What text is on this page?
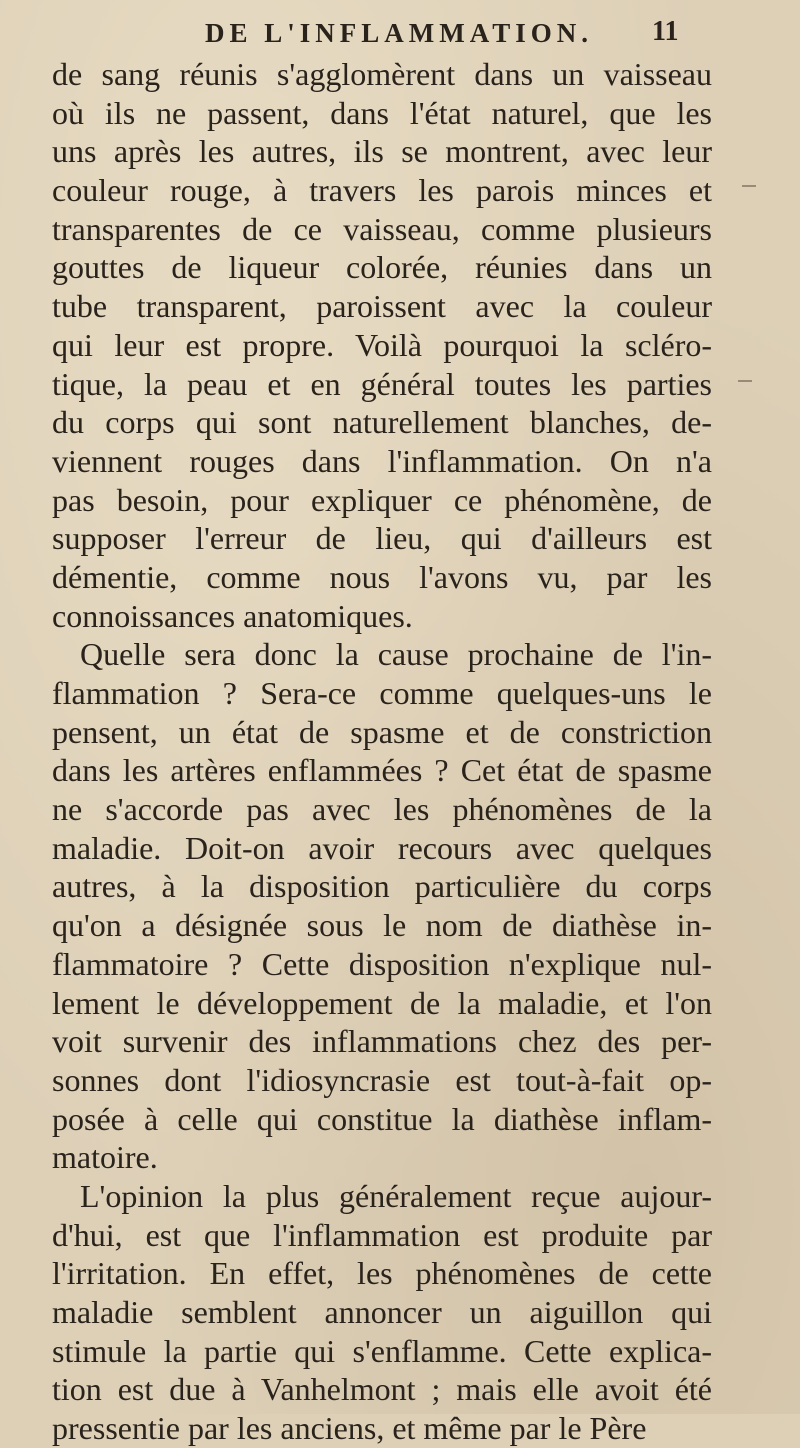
DE L'INFLAMMATION.	11
de sang réunis s'agglomèrent dans un vaisseau
où ils ne passent, dans l'état naturel, que les
uns après les autres, ils se montrent, avec leur
couleur rouge, à travers les parois minces et
transparentes de ce vaisseau, comme plusieurs
gouttes de liqueur colorée, réunies dans un
tube transparent, paroissent avec la couleur
qui leur est propre. Voilà pourquoi la scléro-
tique, la peau et en général toutes les parties
du corps qui sont naturellement blanches, de-
viennent rouges dans l'inflammation. On n'a
pas besoin, pour expliquer ce phénomène, de
supposer l'erreur de lieu, qui d'ailleurs est
démentie, comme nous l'avons vu, par les
connoissances anatomiques.
Quelle sera donc la cause prochaine de l'in-
flammation ? Sera-ce comme quelques-uns le
pensent, un état de spasme et de constriction
dans les artères enflammées ? Cet état de spasme
ne s'accorde pas avec les phénomènes de la
maladie. Doit-on avoir recours avec quelques
autres, à la disposition particulière du corps
qu'on a désignée sous le nom de diathèse in-
flammatoire ? Cette disposition n'explique nul-
lement le développement de la maladie, et l'on
voit survenir des inflammations chez des per-
sonnes dont l'idiosyncrasie est tout-à-fait op-
posée à celle qui constitue la diathèse inflam-
matoire.
L'opinion la plus généralement reçue aujour-
d'hui, est que l'inflammation est produite par
l'irritation. En effet, les phénomènes de cette
maladie semblent annoncer un aiguillon qui
stimule la partie qui s'enflamme. Cette explica-
tion est due à Vanhelmont ; mais elle avoit été
pressentie par les anciens, et même par le Père
